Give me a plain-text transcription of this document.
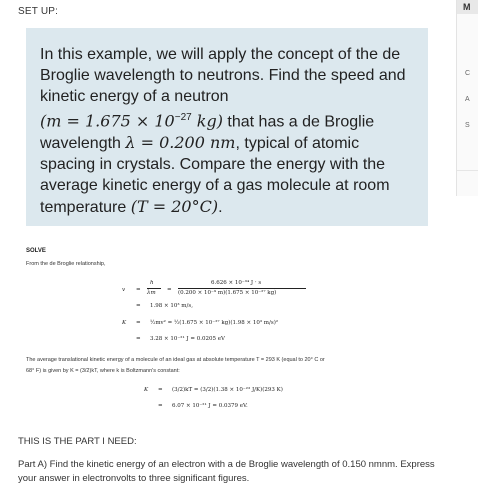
SET UP:	M
C
A
S
In this example, we will apply the concept of the de
Broglie wavelength to neutrons. Find the speed and
kinetic energy of a neutron
($m = 1.675 \times 10^{-27}$ kg) that has a de Broglie
wavelength λ = 0.200 nm, typical of atomic
spacing in crystals. Compare the energy with the
average kinetic energy of a gas molecule at room
temperature (T = 20°C).
SOLVE
From the de Broglie relationship,
v =
h
λm =
6.626 × 10⁻³⁴ J · s
(0.200 × 10⁻⁹ m)(1.675 × 10⁻²⁷ kg)
= 1.98 × 10³ m/s,
K = ½mv² = ½(1.675 × 10⁻²⁷ kg)(1.98 × 10³ m/s)²
= 3.28 × 10⁻²¹ J = 0.0205 eV
The average translational kinetic energy of a molecule of an ideal gas at absolute temperature T = 293 K (equal to 20° C or
68° F) is given by K = (3/2)kT, where k is Boltzmann's constant:
K = (3/2)kT = (3/2)(1.38 × 10⁻²³ J/K)(293 K)
= 6.07 × 10⁻²¹ J = 0.0379 eV.
THIS IS THE PART I NEED:
Part A) Find the kinetic energy of an electron with a de Broglie wavelength of 0.150 nmnm. Express your answer in electronvolts to three significant figures.
